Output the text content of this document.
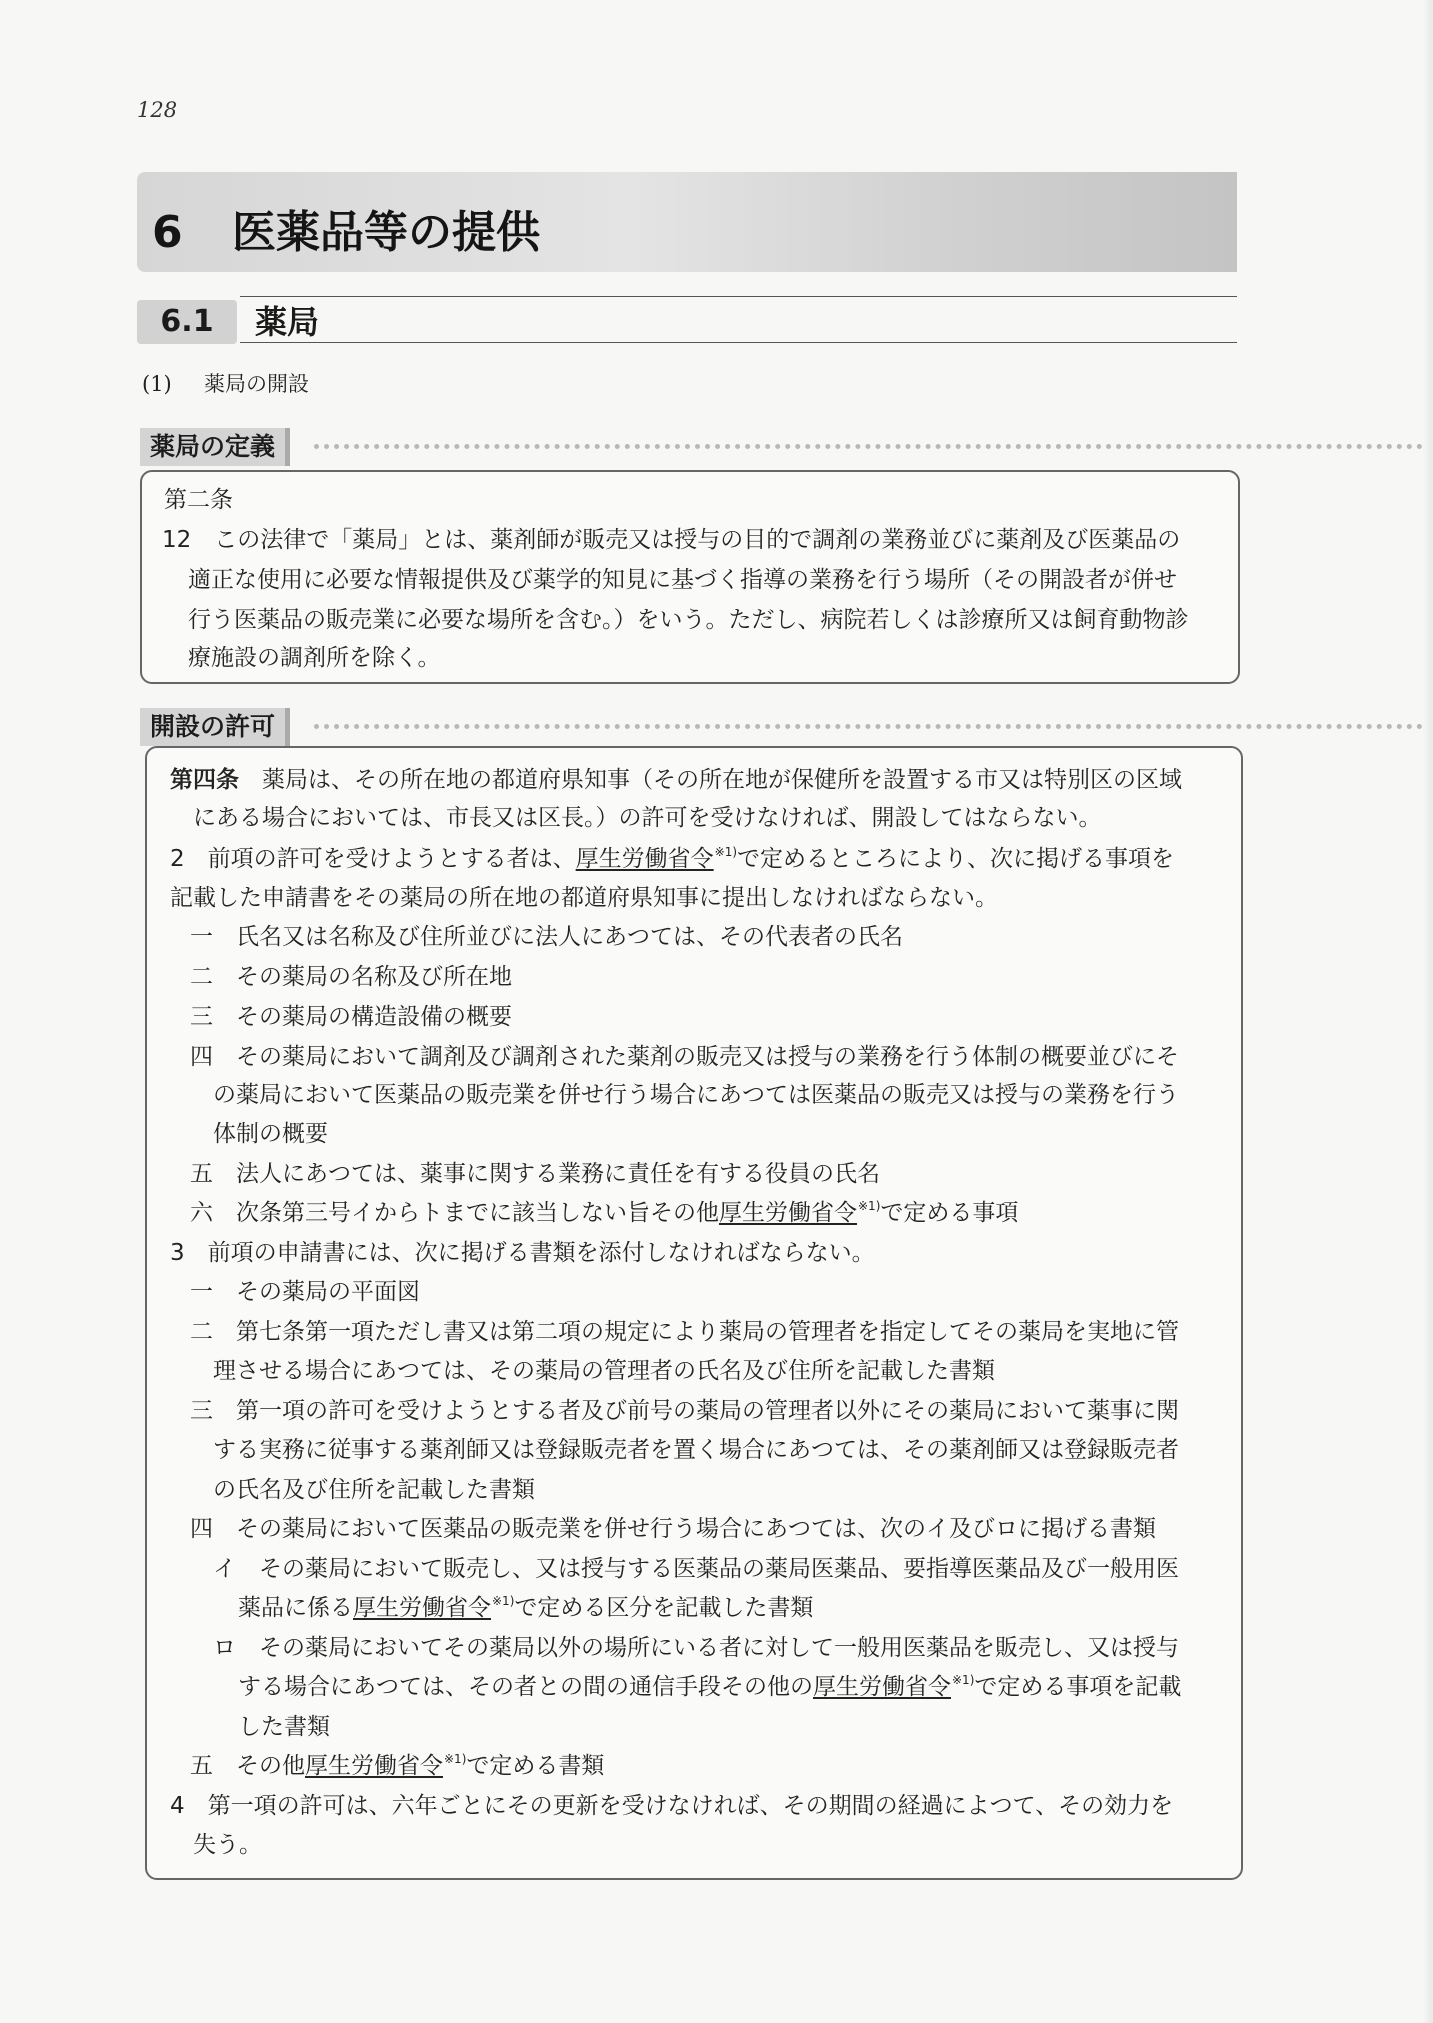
128
6 医薬品等の提供
6.1	薬局
(1) 薬局の開設
薬局の定義
第二条
12　この法律で「薬局」とは、薬剤師が販売又は授与の目的で調剤の業務並びに薬剤及び医薬品の
適正な使用に必要な情報提供及び薬学的知見に基づく指導の業務を行う場所（その開設者が併せ
行う医薬品の販売業に必要な場所を含む。）をいう。ただし、病院若しくは診療所又は飼育動物診
療施設の調剤所を除く。
開設の許可
第四条　薬局は、その所在地の都道府県知事（その所在地が保健所を設置する市又は特別区の区域
にある場合においては、市長又は区長。）の許可を受けなければ、開設してはならない。
2　前項の許可を受けようとする者は、厚生労働省令$^{※1)}$で定めるところにより、次に掲げる事項を
記載した申請書をその薬局の所在地の都道府県知事に提出しなければならない。
一　氏名又は名称及び住所並びに法人にあつては、その代表者の氏名
二　その薬局の名称及び所在地
三　その薬局の構造設備の概要
四　その薬局において調剤及び調剤された薬剤の販売又は授与の業務を行う体制の概要並びにそ
の薬局において医薬品の販売業を併せ行う場合にあつては医薬品の販売又は授与の業務を行う
体制の概要
五　法人にあつては、薬事に関する業務に責任を有する役員の氏名
六　次条第三号イからトまでに該当しない旨その他厚生労働省令$^{※1)}$で定める事項
3　前項の申請書には、次に掲げる書類を添付しなければならない。
一　その薬局の平面図
二　第七条第一項ただし書又は第二項の規定により薬局の管理者を指定してその薬局を実地に管
理させる場合にあつては、その薬局の管理者の氏名及び住所を記載した書類
三　第一項の許可を受けようとする者及び前号の薬局の管理者以外にその薬局において薬事に関
する実務に従事する薬剤師又は登録販売者を置く場合にあつては、その薬剤師又は登録販売者
の氏名及び住所を記載した書類
四　その薬局において医薬品の販売業を併せ行う場合にあつては、次のイ及びロに掲げる書類
イ　その薬局において販売し、又は授与する医薬品の薬局医薬品、要指導医薬品及び一般用医
薬品に係る厚生労働省令$^{※1)}$で定める区分を記載した書類
ロ　その薬局においてその薬局以外の場所にいる者に対して一般用医薬品を販売し、又は授与
する場合にあつては、その者との間の通信手段その他の厚生労働省令$^{※1)}$で定める事項を記載
した書類
五　その他厚生労働省令$^{※1)}$で定める書類
4　第一項の許可は、六年ごとにその更新を受けなければ、その期間の経過によつて、その効力を
失う。
